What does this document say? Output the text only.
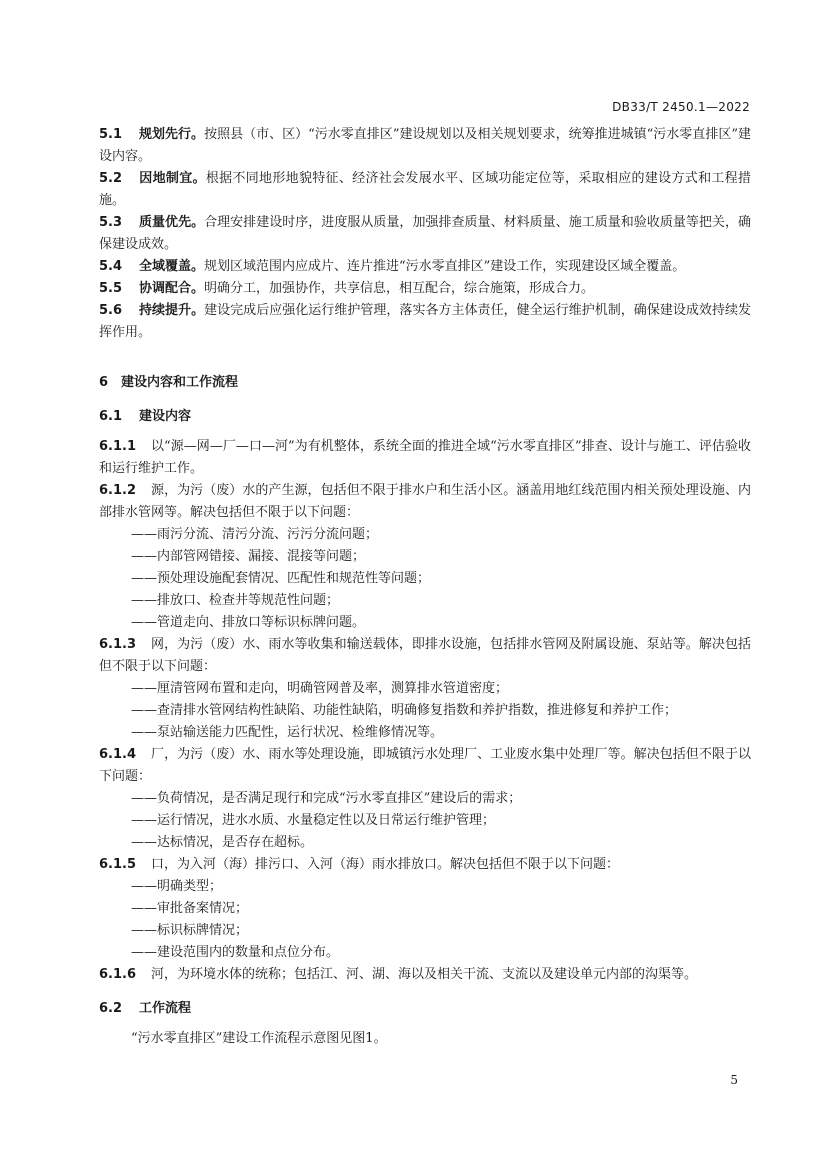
DB33/T 2450.1—2022

5.1 规划先行。按照县（市、区）“污水零直排区”建设规划以及相关规划要求，统筹推进城镇“污水零直排区”建设内容。

5.2 因地制宜。根据不同地形地貌特征、经济社会发展水平、区域功能定位等，采取相应的建设方式和工程措施。

5.3 质量优先。合理安排建设时序，进度服从质量，加强排查质量、材料质量、施工质量和验收质量等把关，确保建设成效。

5.4 全域覆盖。规划区域范围内应成片、连片推进“污水零直排区”建设工作，实现建设区域全覆盖。

5.5 协调配合。明确分工，加强协作，共享信息，相互配合，综合施策，形成合力。

5.6 持续提升。建设完成后应强化运行维护管理，落实各方主体责任，健全运行维护机制，确保建设成效持续发挥作用。

6 建设内容和工作流程
6.1 建设内容

6.1.1 以“源—网—厂—口—河”为有机整体，系统全面的推进全域“污水零直排区”排查、设计与施工、评估验收和运行维护工作。

6.1.2 源，为污（废）水的产生源，包括但不限于排水户和生活小区。涵盖用地红线范围内相关预处理设施、内部排水管网等。解决包括但不限于以下问题：

——雨污分流、清污分流、污污分流问题；

——内部管网错接、漏接、混接等问题；

——预处理设施配套情况、匹配性和规范性等问题；

——排放口、检查井等规范性问题；

——管道走向、排放口等标识标牌问题。

6.1.3 网，为污（废）水、雨水等收集和输送载体，即排水设施，包括排水管网及附属设施、泵站等。解决包括但不限于以下问题：

——厘清管网布置和走向，明确管网普及率，测算排水管道密度；

——查清排水管网结构性缺陷、功能性缺陷，明确修复指数和养护指数，推进修复和养护工作；

——泵站输送能力匹配性，运行状况、检维修情况等。

6.1.4 厂，为污（废）水、雨水等处理设施，即城镇污水处理厂、工业废水集中处理厂等。解决包括但不限于以下问题：

——负荷情况，是否满足现行和完成“污水零直排区”建设后的需求；

——运行情况，进水水质、水量稳定性以及日常运行维护管理；

——达标情况，是否存在超标。

6.1.5 口，为入河（海）排污口、入河（海）雨水排放口。解决包括但不限于以下问题：

——明确类型；

——审批备案情况；

——标识标牌情况；

——建设范围内的数量和点位分布。

6.1.6 河，为环境水体的统称；包括江、河、湖、海以及相关干流、支流以及建设单元内部的沟渠等。

6.2 工作流程

“污水零直排区”建设工作流程示意图见图1。

5
